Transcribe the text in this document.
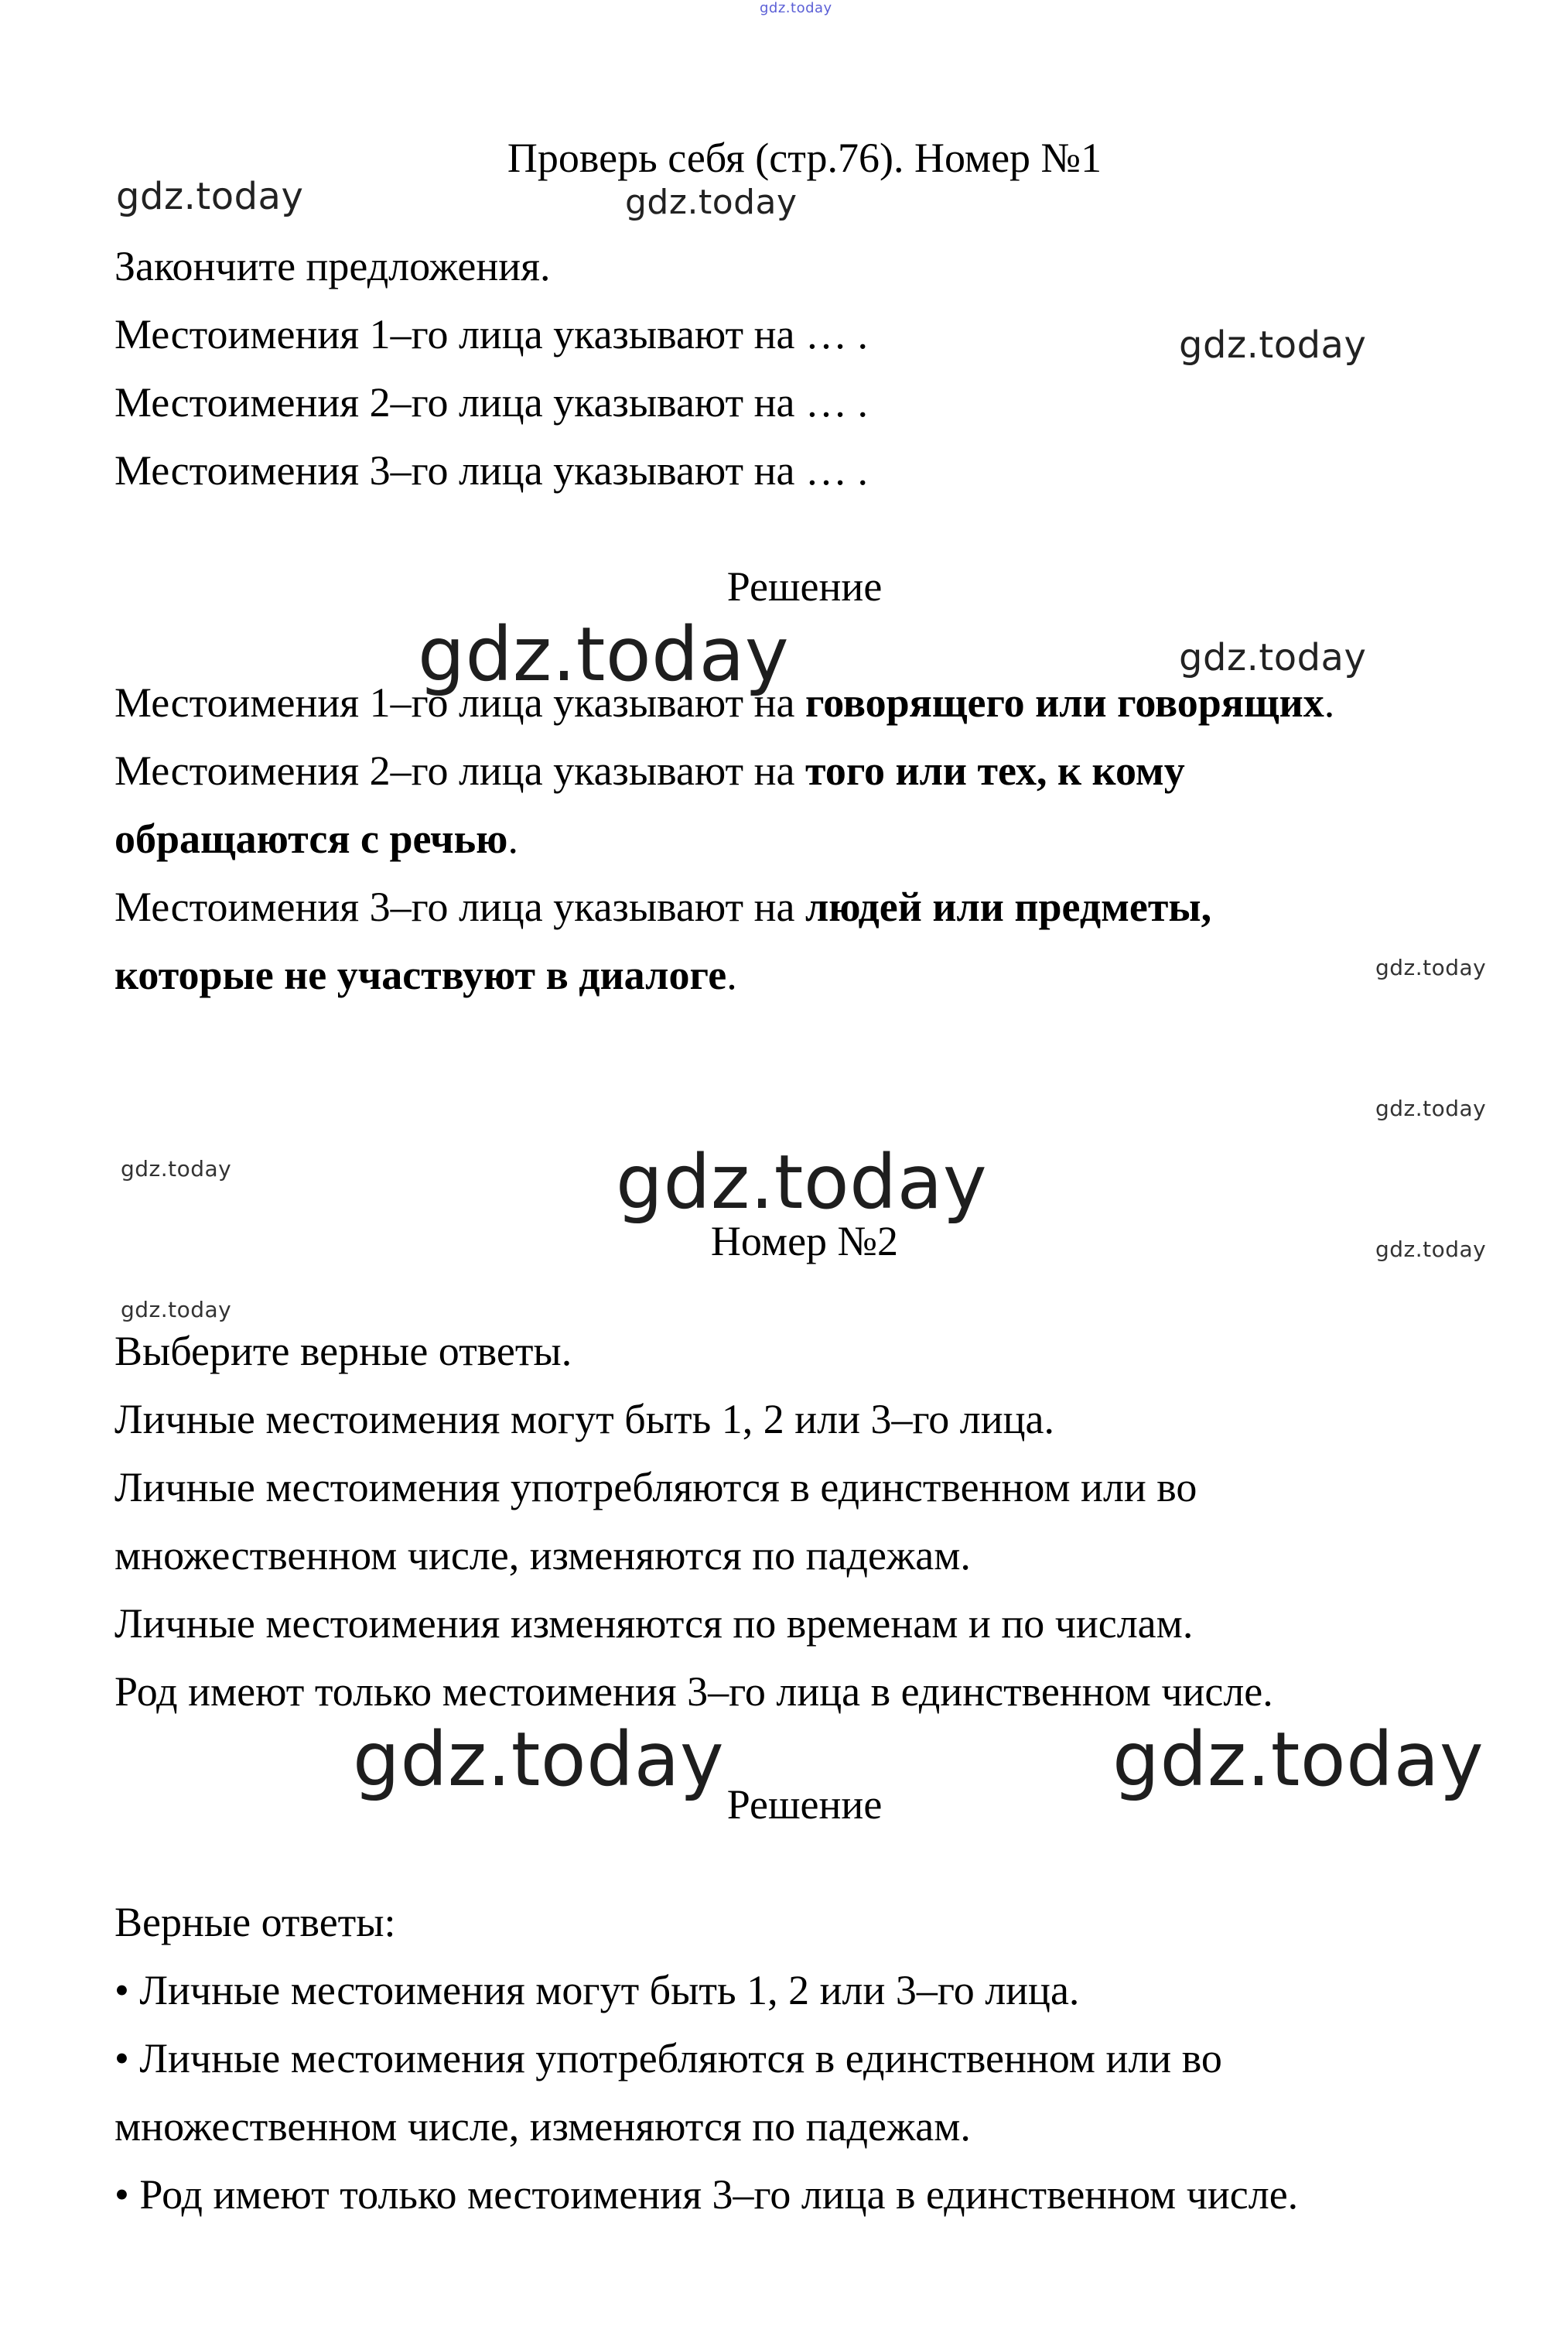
gdz.today
gdz.today	gdz.today
gdz.today
gdz.today	gdz.today
gdz.today
gdz.today
gdz.today	gdz.today
gdz.today
gdz.today
gdz.today	gdz.today

Проверь себя (стр.76). Номер №1

Закончите предложения.

Местоимения 1–го лица указывают на … .

Местоимения 2–го лица указывают на … .

Местоимения 3–го лица указывают на … .

Решение

Местоимения 1–го лица указывают на говорящего или говорящих.

Местоимения 2–го лица указывают на того или тех, к кому

обращаются с речью.

Местоимения 3–го лица указывают на людей или предметы,

которые не участвуют в диалоге.

Номер №2

Выберите верные ответы.

Личные местоимения могут быть 1, 2 или 3–го лица.

Личные местоимения употребляются в единственном или во

множественном числе, изменяются по падежам.

Личные местоимения изменяются по временам и по числам.

Род имеют только местоимения 3–го лица в единственном числе.

Решение

Верные ответы:

• Личные местоимения могут быть 1, 2 или 3–го лица.

• Личные местоимения употребляются в единственном или во

множественном числе, изменяются по падежам.

• Род имеют только местоимения 3–го лица в единственном числе.
